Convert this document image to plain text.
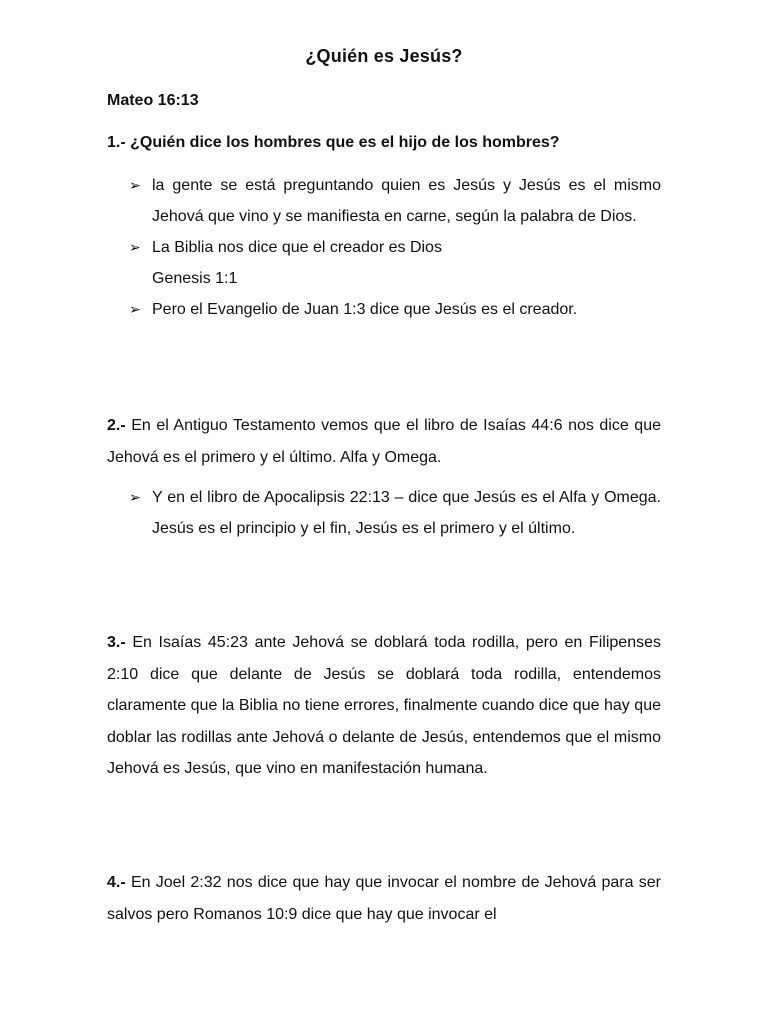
¿Quién es Jesús?
Mateo 16:13
1.- ¿Quién dice los hombres que es el hijo de los hombres?
➢ la gente se está preguntando quien es Jesús y Jesús es el mismo Jehová que vino y se manifiesta en carne, según la palabra de Dios.
➢ La Biblia nos dice que el creador es Dios
Genesis 1:1
➢ Pero el Evangelio de Juan 1:3 dice que Jesús es el creador.

2.- En el Antiguo Testamento vemos que el libro de Isaías 44:6 nos dice que Jehová es el primero y el último. Alfa y Omega.

➢ Y en el libro de Apocalipsis 22:13 – dice que Jesús es el Alfa y Omega. Jesús es el principio y el fin, Jesús es el primero y el último.

3.- En Isaías 45:23 ante Jehová se doblará toda rodilla, pero en Filipenses 2:10 dice que delante de Jesús se doblará toda rodilla, entendemos claramente que la Biblia no tiene errores, finalmente cuando dice que hay que doblar las rodillas ante Jehová o delante de Jesús, entendemos que el mismo Jehová es Jesús, que vino en manifestación humana.

4.- En Joel 2:32 nos dice que hay que invocar el nombre de Jehová para ser salvos pero Romanos 10:9 dice que hay que invocar el
